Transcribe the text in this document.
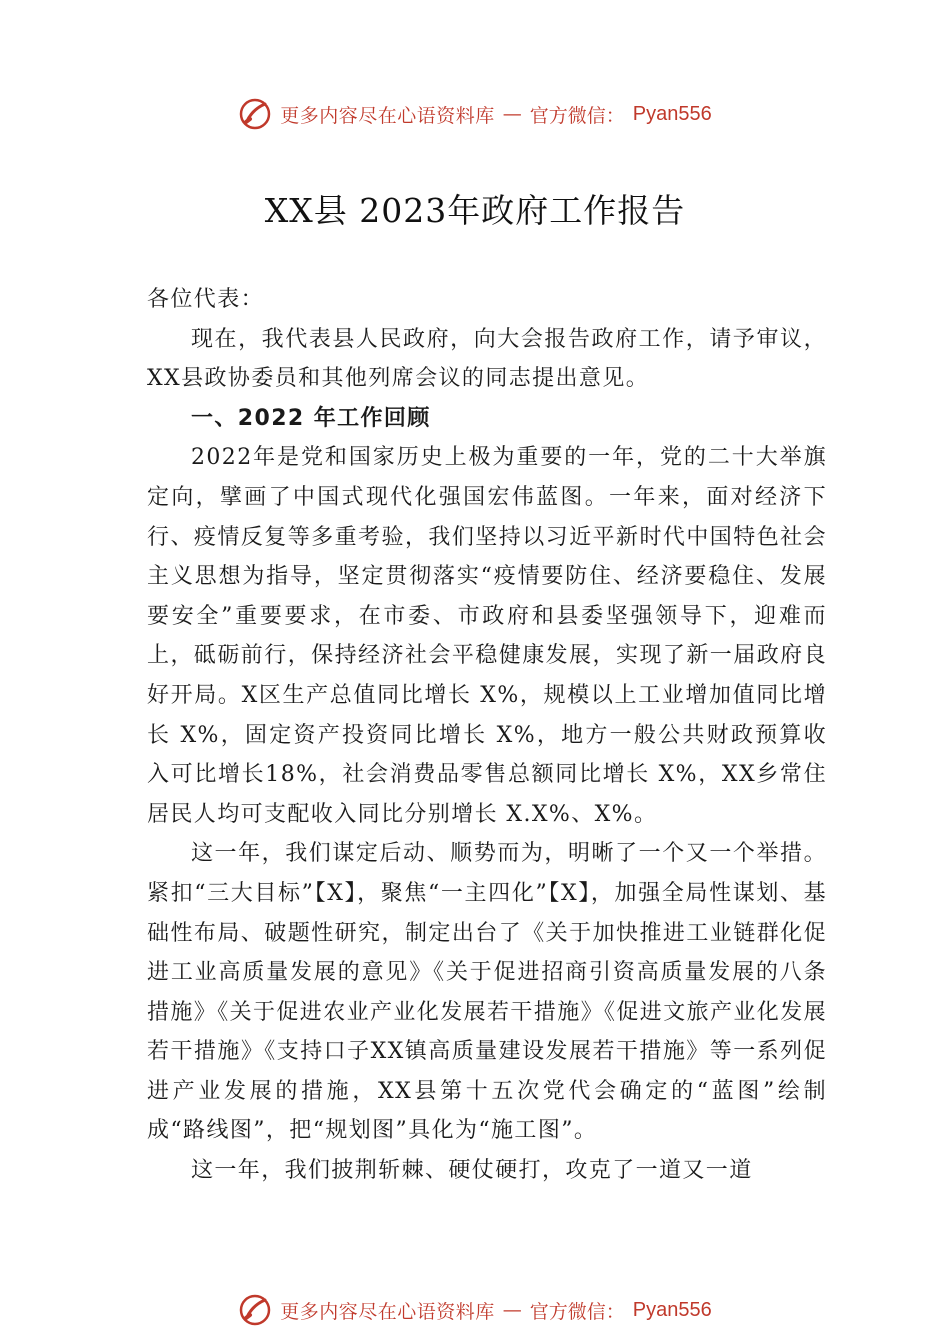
更多内容尽在心语资料库 — 官方微信： Pyan556
XX县 2023年政府工作报告

各位代表：

现在，我代表县人民政府，向大会报告政府工作，请予审议，XX县政协委员和其他列席会议的同志提出意见。

一、2022 年工作回顾

2022年是党和国家历史上极为重要的一年，党的二十大举旗定向，擘画了中国式现代化强国宏伟蓝图。一年来，面对经济下行、疫情反复等多重考验，我们坚持以习近平新时代中国特色社会主义思想为指导，坚定贯彻落实“疫情要防住、经济要稳住、发展要安全”重要要求，在市委、市政府和县委坚强领导下，迎难而上，砥砺前行，保持经济社会平稳健康发展，实现了新一届政府良好开局。X区生产总值同比增长 X%，规模以上工业增加值同比增长 X%，固定资产投资同比增长 X%，地方一般公共财政预算收入可比增长18%，社会消费品零售总额同比增长 X%，XX乡常住居民人均可支配收入同比分别增长 X.X%、X%。

这一年，我们谋定后动、顺势而为，明晰了一个又一个举措。紧扣“三大目标”【X】，聚焦“一主四化”【X】，加强全局性谋划、基础性布局、破题性研究，制定出台了《关于加快推进工业链群化促进工业高质量发展的意见》《关于促进招商引资高质量发展的八条措施》《关于促进农业产业化发展若干措施》《促进文旅产业化发展若干措施》《支持口子XX镇高质量建设发展若干措施》等一系列促进产业发展的措施，XX县第十五次党代会确定的“蓝图”绘制成“路线图”，把“规划图”具化为“施工图”。

这一年，我们披荆斩棘、硬仗硬打，攻克了一道又一道

更多内容尽在心语资料库 — 官方微信： Pyan556
